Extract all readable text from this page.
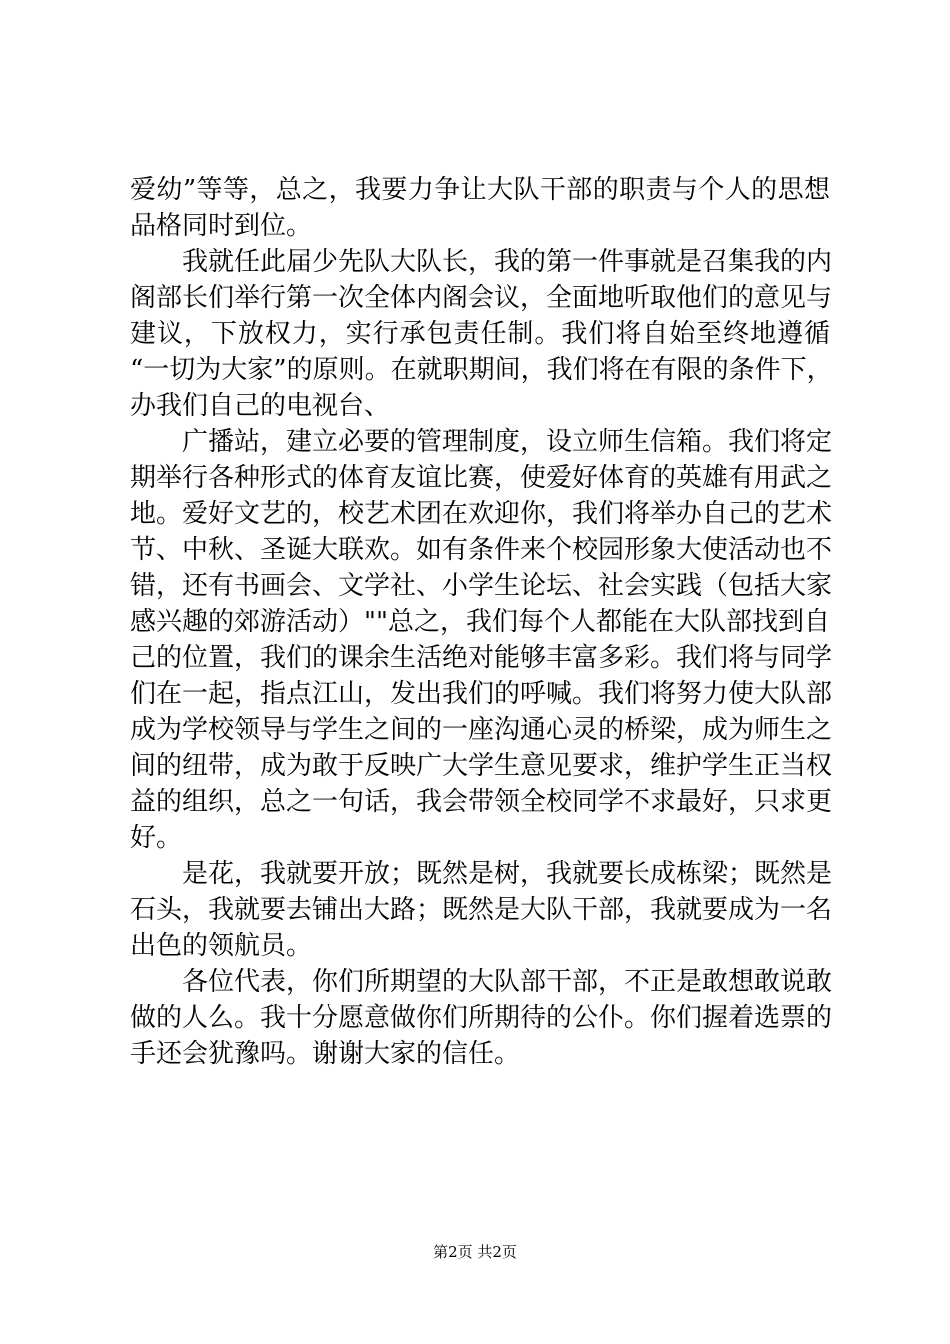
爱幼”等等，总之，我要力争让大队干部的职责与个人的思想
品格同时到位。
我就任此届少先队大队长，我的第一件事就是召集我的内
阁部长们举行第一次全体内阁会议，全面地听取他们的意见与
建议，下放权力，实行承包责任制。我们将自始至终地遵循
“一切为大家”的原则。在就职期间，我们将在有限的条件下，
办我们自己的电视台、
广播站，建立必要的管理制度，设立师生信箱。我们将定
期举行各种形式的体育友谊比赛，使爱好体育的英雄有用武之
地。爱好文艺的，校艺术团在欢迎你，我们将举办自己的艺术
节、中秋、圣诞大联欢。如有条件来个校园形象大使活动也不
错，还有书画会、文学社、小学生论坛、社会实践（包括大家
感兴趣的郊游活动）""总之，我们每个人都能在大队部找到自
己的位置，我们的课余生活绝对能够丰富多彩。我们将与同学
们在一起，指点江山，发出我们的呼喊。我们将努力使大队部
成为学校领导与学生之间的一座沟通心灵的桥梁，成为师生之
间的纽带，成为敢于反映广大学生意见要求，维护学生正当权
益的组织，总之一句话，我会带领全校同学不求最好，只求更
好。
是花，我就要开放；既然是树，我就要长成栋梁；既然是
石头，我就要去铺出大路；既然是大队干部，我就要成为一名
出色的领航员。
各位代表，你们所期望的大队部干部，不正是敢想敢说敢
做的人么。我十分愿意做你们所期待的公仆。你们握着选票的
手还会犹豫吗。谢谢大家的信任。
第2页 共2页
